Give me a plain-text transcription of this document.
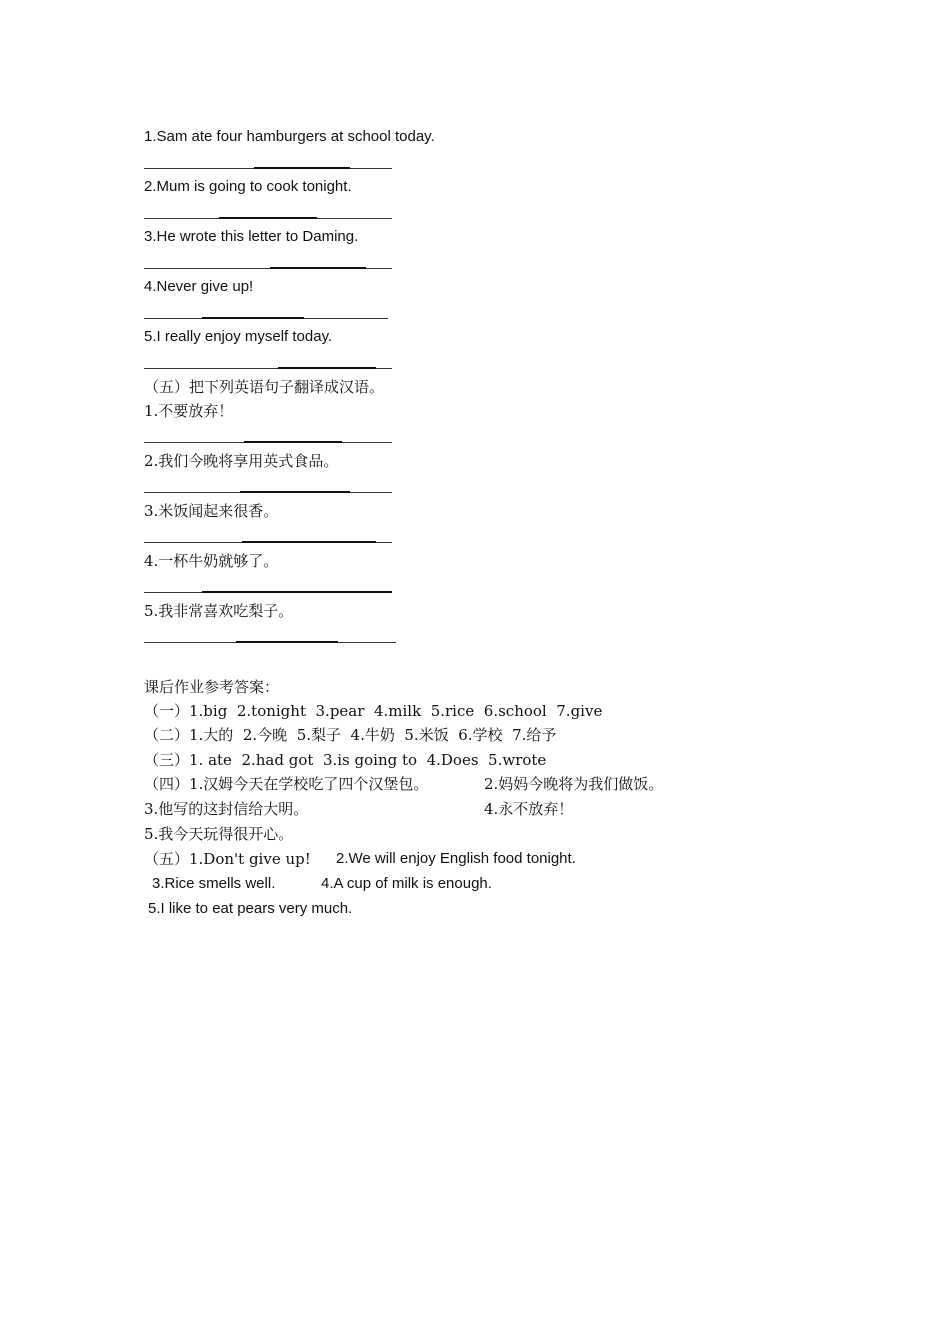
1.Sam ate four hamburgers at school today.
2.Mum is going to cook tonight.
3.He wrote this letter to Daming.
4.Never give up!
5.I really enjoy myself today.
（五）把下列英语句子翻译成汉语。
1.不要放弃！
2.我们今晚将享用英式食品。
3.米饭闻起来很香。
4.一杯牛奶就够了。
5.我非常喜欢吃梨子。
课后作业参考答案：
（一）1.big  2.tonight  3.pear  4.milk  5.rice  6.school  7.give
（二）1.大的  2.今晚  5.梨子  4.牛奶  5.米饭  6.学校  7.给予
（三）1. ate  2.had got  3.is going to  4.Does  5.wrote
（四）1.汉姆今天在学校吃了四个汉堡包。	2.妈妈今晚将为我们做饭。
3.他写的这封信给大明。	4.永不放弃！
5.我今天玩得很开心。
（五）1.Don't give up! 2.We will enjoy English food tonight.
3.Rice smells well.	4.A cup of milk is enough.
5.I like to eat pears very much.
